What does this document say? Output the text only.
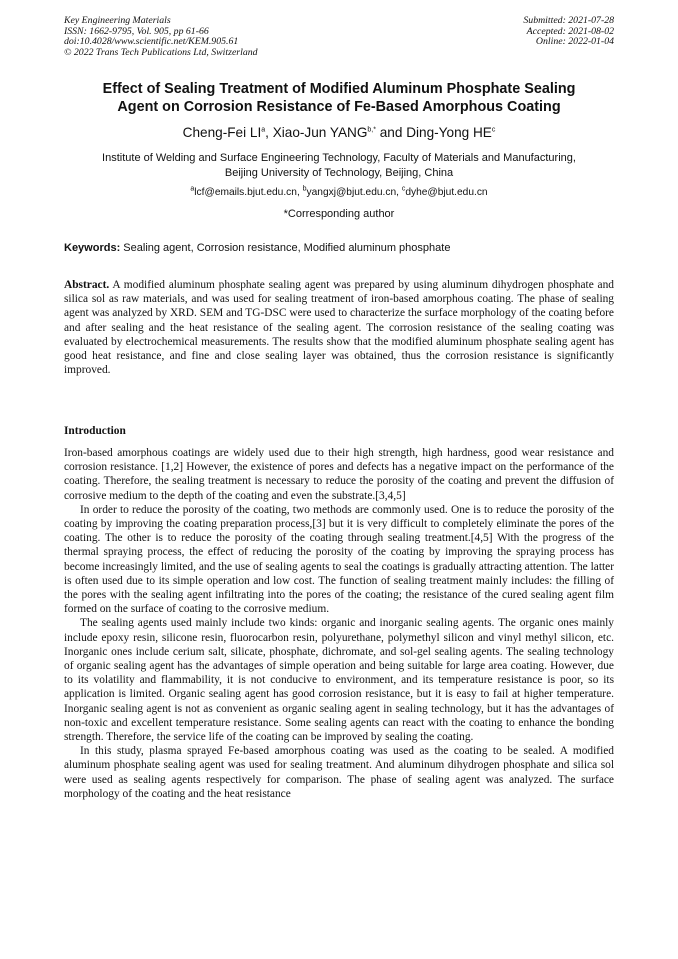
Key Engineering Materials
ISSN: 1662-9795, Vol. 905, pp 61-66
doi:10.4028/www.scientific.net/KEM.905.61
© 2022 Trans Tech Publications Ltd, Switzerland
Submitted: 2021-07-28
Accepted: 2021-08-02
Online: 2022-01-04
Effect of Sealing Treatment of Modified Aluminum Phosphate Sealing
Agent on Corrosion Resistance of Fe-Based Amorphous Coating
Cheng-Fei $LI^a$, Xiao-Jun $YANG^{b,*}$ and Ding-Yong $HE^c$
Institute of Welding and Surface Engineering Technology, Faculty of Materials and Manufacturing,
Beijing University of Technology, Beijing, China
$^a$lcf@emails.bjut.edu.cn, $^b$yangxj@bjut.edu.cn, $^c$dyhe@bjut.edu.cn
*Corresponding author
Keywords: Sealing agent, Corrosion resistance, Modified aluminum phosphate
Abstract. A modified aluminum phosphate sealing agent was prepared by using aluminum dihydrogen phosphate and silica sol as raw materials, and was used for sealing treatment of iron-based amorphous coating. The phase of sealing agent was analyzed by XRD. SEM and TG-DSC were used to characterize the surface morphology of the coating before and after sealing and the heat resistance of the sealing agent. The corrosion resistance of the sealing coating was evaluated by electrochemical measurements. The results show that the modified aluminum phosphate sealing agent has good heat resistance, and fine and close sealing layer was obtained, thus the corrosion resistance is significantly improved.
Introduction

Iron-based amorphous coatings are widely used due to their high strength, high hardness, good wear resistance and corrosion resistance. [1,2] However, the existence of pores and defects has a negative impact on the performance of the coating. Therefore, the sealing treatment is necessary to reduce the porosity of the coating and prevent the diffusion of corrosive medium to the depth of the coating and even the substrate.[3,4,5]

In order to reduce the porosity of the coating, two methods are commonly used. One is to reduce the porosity of the coating by improving the coating preparation process,[3] but it is very difficult to completely eliminate the pores of the coating. The other is to reduce the porosity of the coating through sealing treatment.[4,5] With the progress of the thermal spraying process, the effect of reducing the porosity of the coating by improving the spraying process has become increasingly limited, and the use of sealing agents to seal the coatings is gradually attracting attention. The latter is often used due to its simple operation and low cost. The function of sealing treatment mainly includes: the filling of the pores with the sealing agent infiltrating into the pores of the coating; the resistance of the cured sealing agent film formed on the surface of coating to the corrosive medium.

The sealing agents used mainly include two kinds: organic and inorganic sealing agents. The organic ones mainly include epoxy resin, silicone resin, fluorocarbon resin, polyurethane, polymethyl silicon and vinyl methyl silicon, etc. Inorganic ones include cerium salt, silicate, phosphate, dichromate, and sol-gel sealing agents. The sealing technology of organic sealing agent has the advantages of simple operation and being suitable for large area coating. However, due to its volatility and flammability, it is not conducive to environment, and its temperature resistance is poor, so its application is limited. Organic sealing agent has good corrosion resistance, but it is easy to fail at higher temperature. Inorganic sealing agent is not as convenient as organic sealing agent in sealing technology, but it has the advantages of non-toxic and excellent temperature resistance. Some sealing agents can react with the coating to enhance the bonding strength. Therefore, the service life of the coating can be improved by sealing the coating.

In this study, plasma sprayed Fe-based amorphous coating was used as the coating to be sealed. A modified aluminum phosphate sealing agent was used for sealing treatment. And aluminum dihydrogen phosphate and silica sol were used as sealing agents respectively for comparison. The phase of sealing agent was analyzed. The surface morphology of the coating and the heat resistance
